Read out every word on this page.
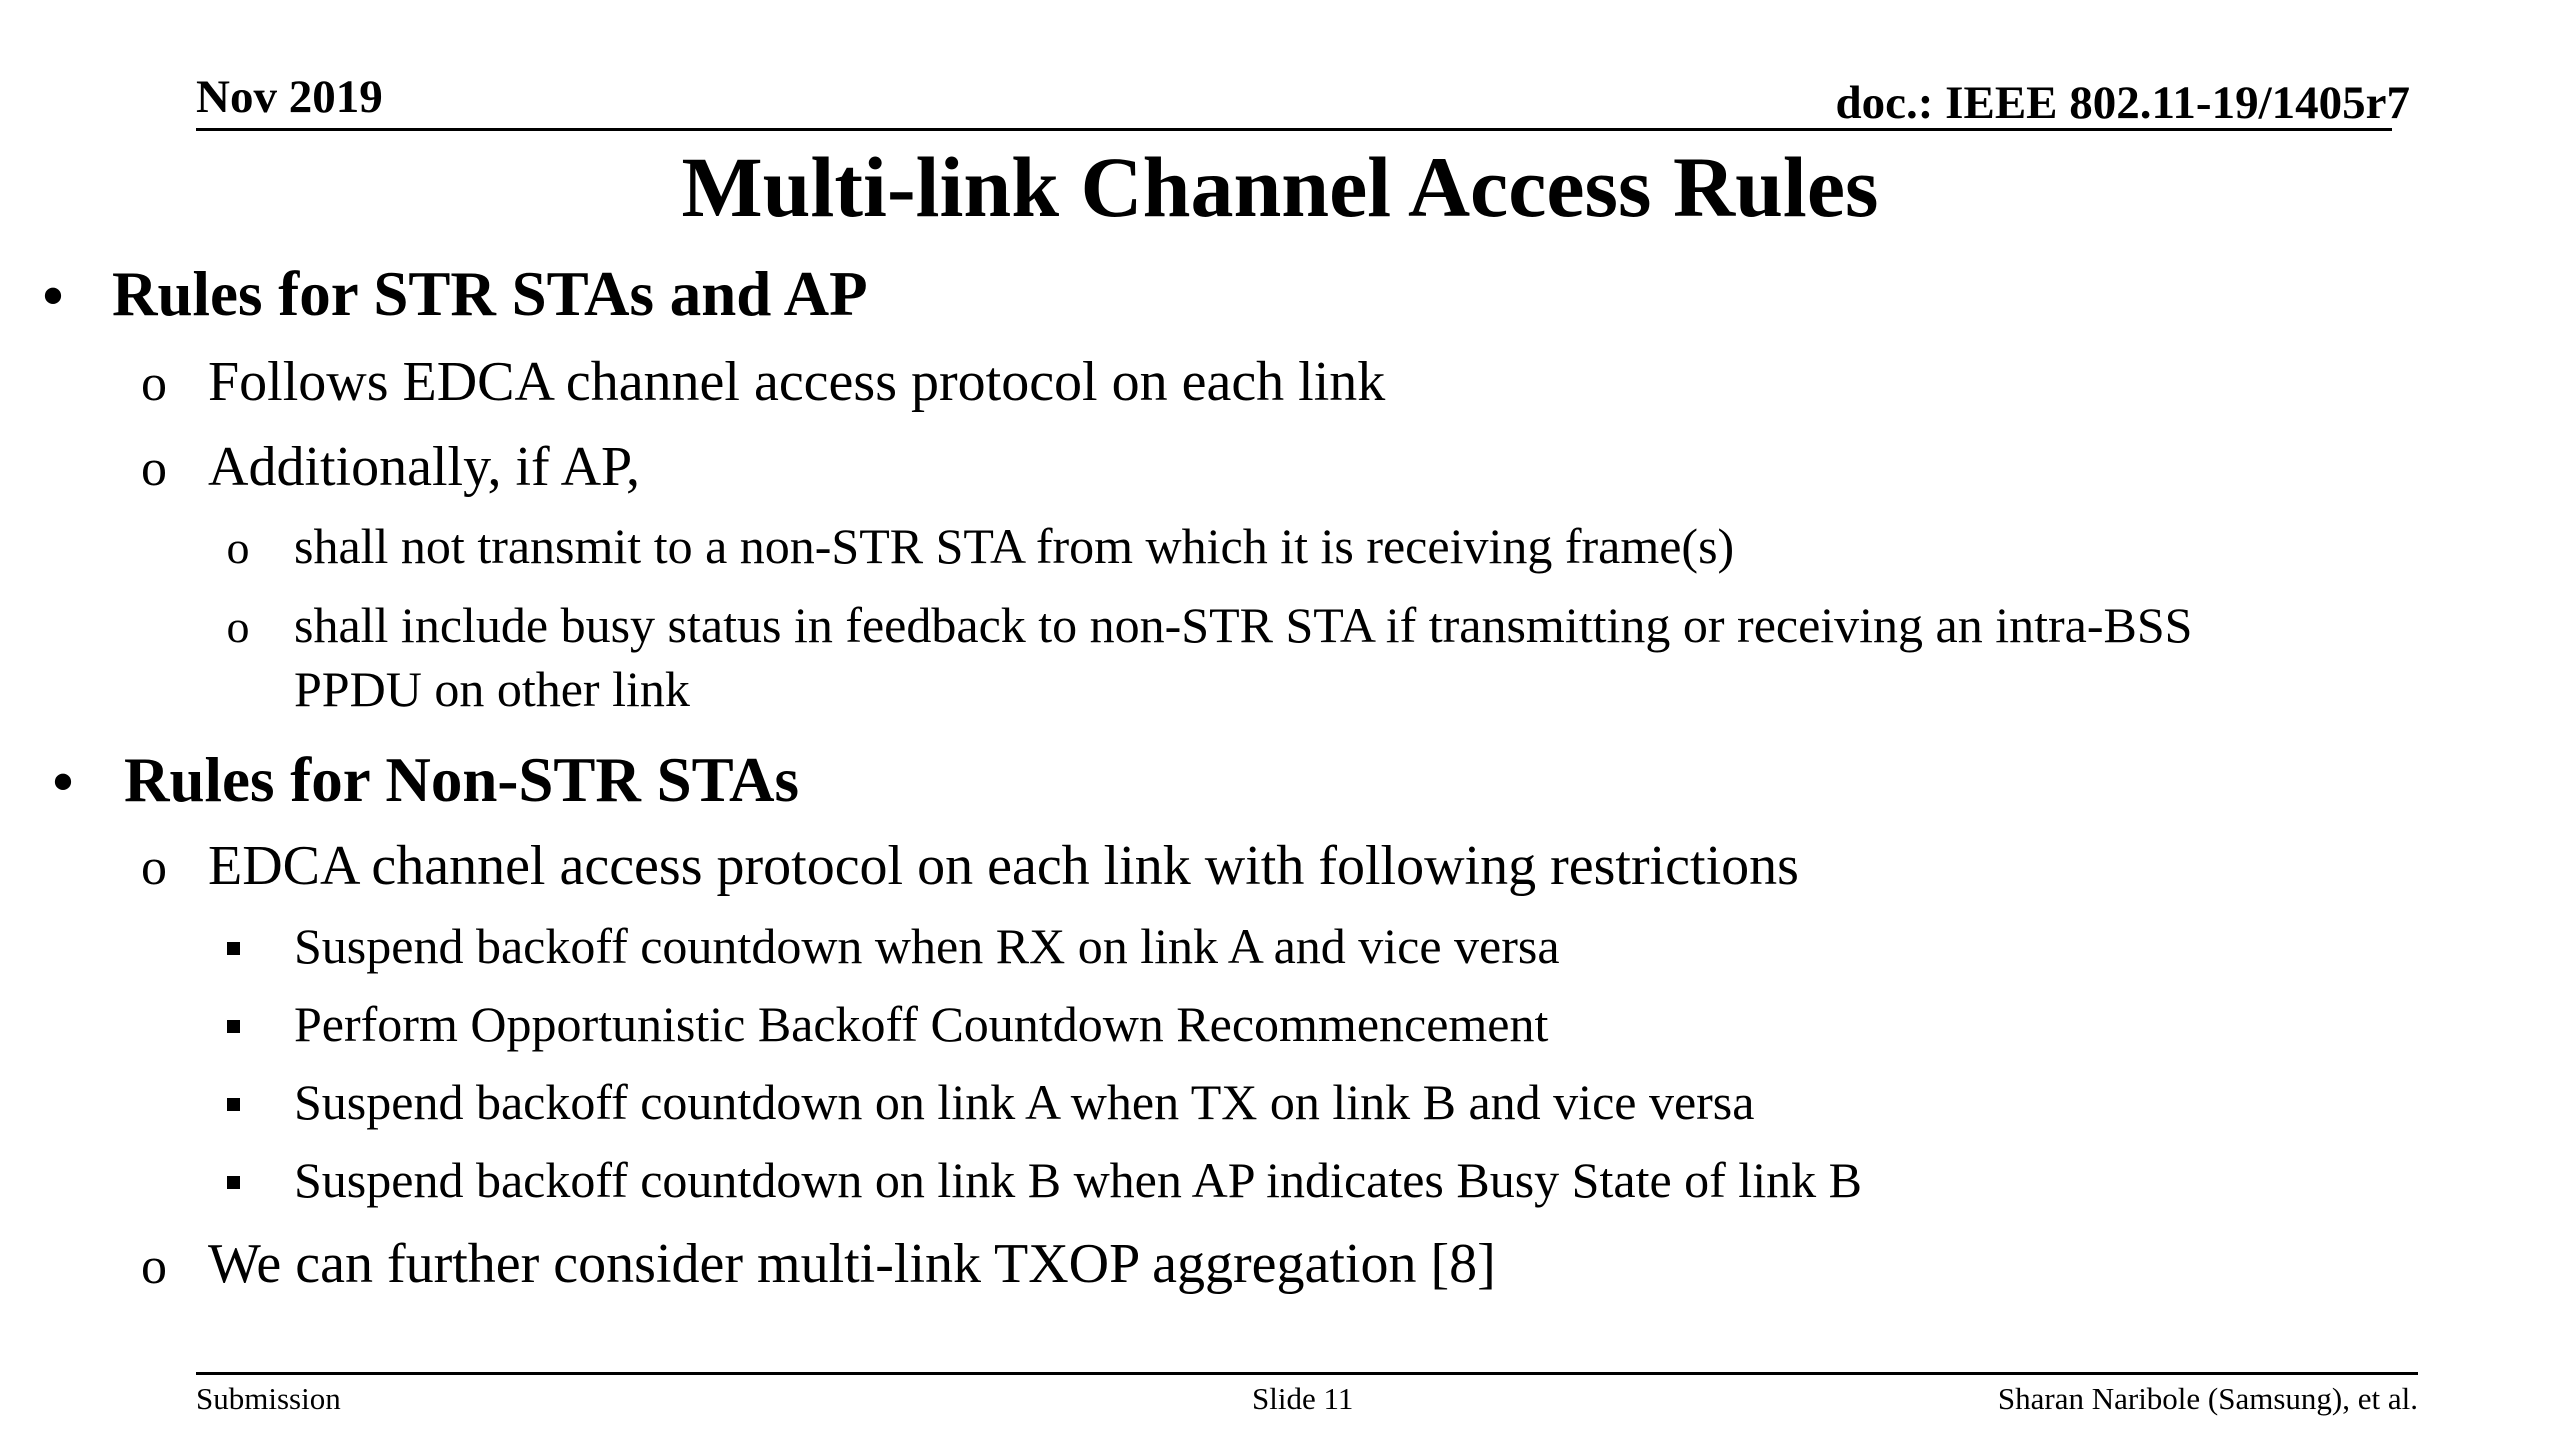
Nov 2019	doc.: IEEE 802.11-19/1405r7
Multi-link Channel Access Rules
• Rules for STR STAs and AP
o Follows EDCA channel access protocol on each link
o Additionally, if AP,
o shall not transmit to a non-STR STA from which it is receiving frame(s)
o shall include busy status in feedback to non-STR STA if transmitting or receiving an intra-BSS
PPDU on other link
• Rules for Non-STR STAs
o EDCA channel access protocol on each link with following restrictions
Suspend backoff countdown when RX on link A and vice versa
Perform Opportunistic Backoff Countdown Recommencement
Suspend backoff countdown on link A when TX on link B and vice versa
Suspend backoff countdown on link B when AP indicates Busy State of link B
o We can further consider multi-link TXOP aggregation [8]
Submission	Slide 11	Sharan Naribole (Samsung), et al.
